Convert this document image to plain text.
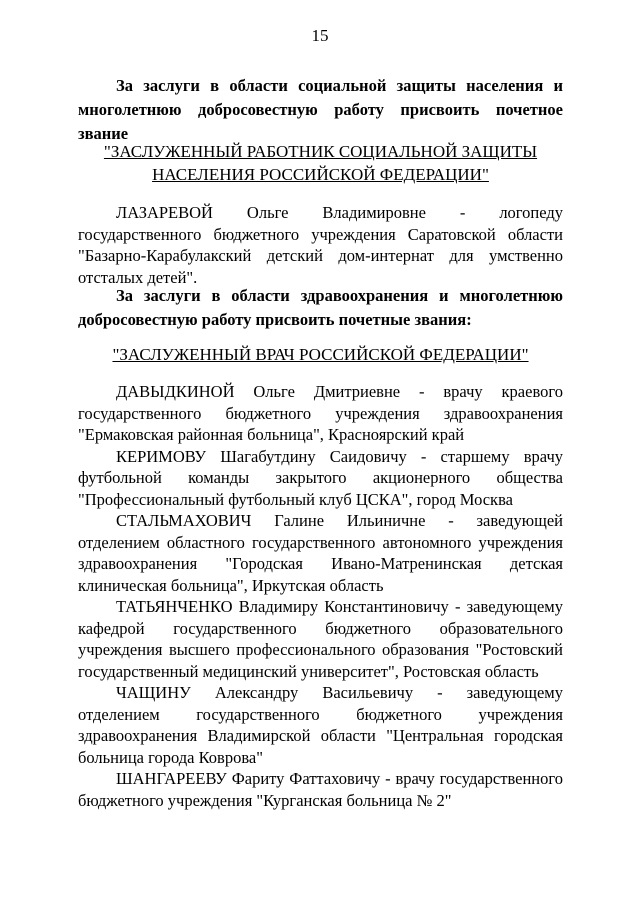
15

За заслуги в области социальной защиты населения и многолетнюю добросовестную работу присвоить почетное звание

"ЗАСЛУЖЕННЫЙ РАБОТНИК СОЦИАЛЬНОЙ ЗАЩИТЫ

НАСЕЛЕНИЯ РОССИЙСКОЙ ФЕДЕРАЦИИ"

ЛАЗАРЕВОЙ Ольге Владимировне - логопеду государственного бюджетного учреждения Саратовской области "Базарно-Карабулакский детский дом-интернат для умственно отсталых детей".

За заслуги в области здравоохранения и многолетнюю добросовестную работу присвоить почетные звания:

"ЗАСЛУЖЕННЫЙ ВРАЧ РОССИЙСКОЙ ФЕДЕРАЦИИ"

ДАВЫДКИНОЙ Ольге Дмитриевне - врачу краевого государственного бюджетного учреждения здравоохранения "Ермаковская районная больница", Красноярский край

КЕРИМОВУ Шагабутдину Саидовичу - старшему врачу футбольной команды закрытого акционерного общества "Профессиональный футбольный клуб ЦСКА", город Москва

СТАЛЬМАХОВИЧ Галине Ильиничне - заведующей отделением областного государственного автономного учреждения здравоохранения "Городская Ивано-Матренинская детская клиническая больница", Иркутская область

ТАТЬЯНЧЕНКО Владимиру Константиновичу - заведующему кафедрой государственного бюджетного образовательного учреждения высшего профессионального образования "Ростовский государственный медицинский университет", Ростовская область

ЧАЩИНУ Александру Васильевичу - заведующему отделением государственного бюджетного учреждения здравоохранения Владимирской области "Центральная городская больница города Коврова"

ШАНГАРЕЕВУ Фариту Фаттаховичу - врачу государственного бюджетного учреждения "Курганская больница № 2"
